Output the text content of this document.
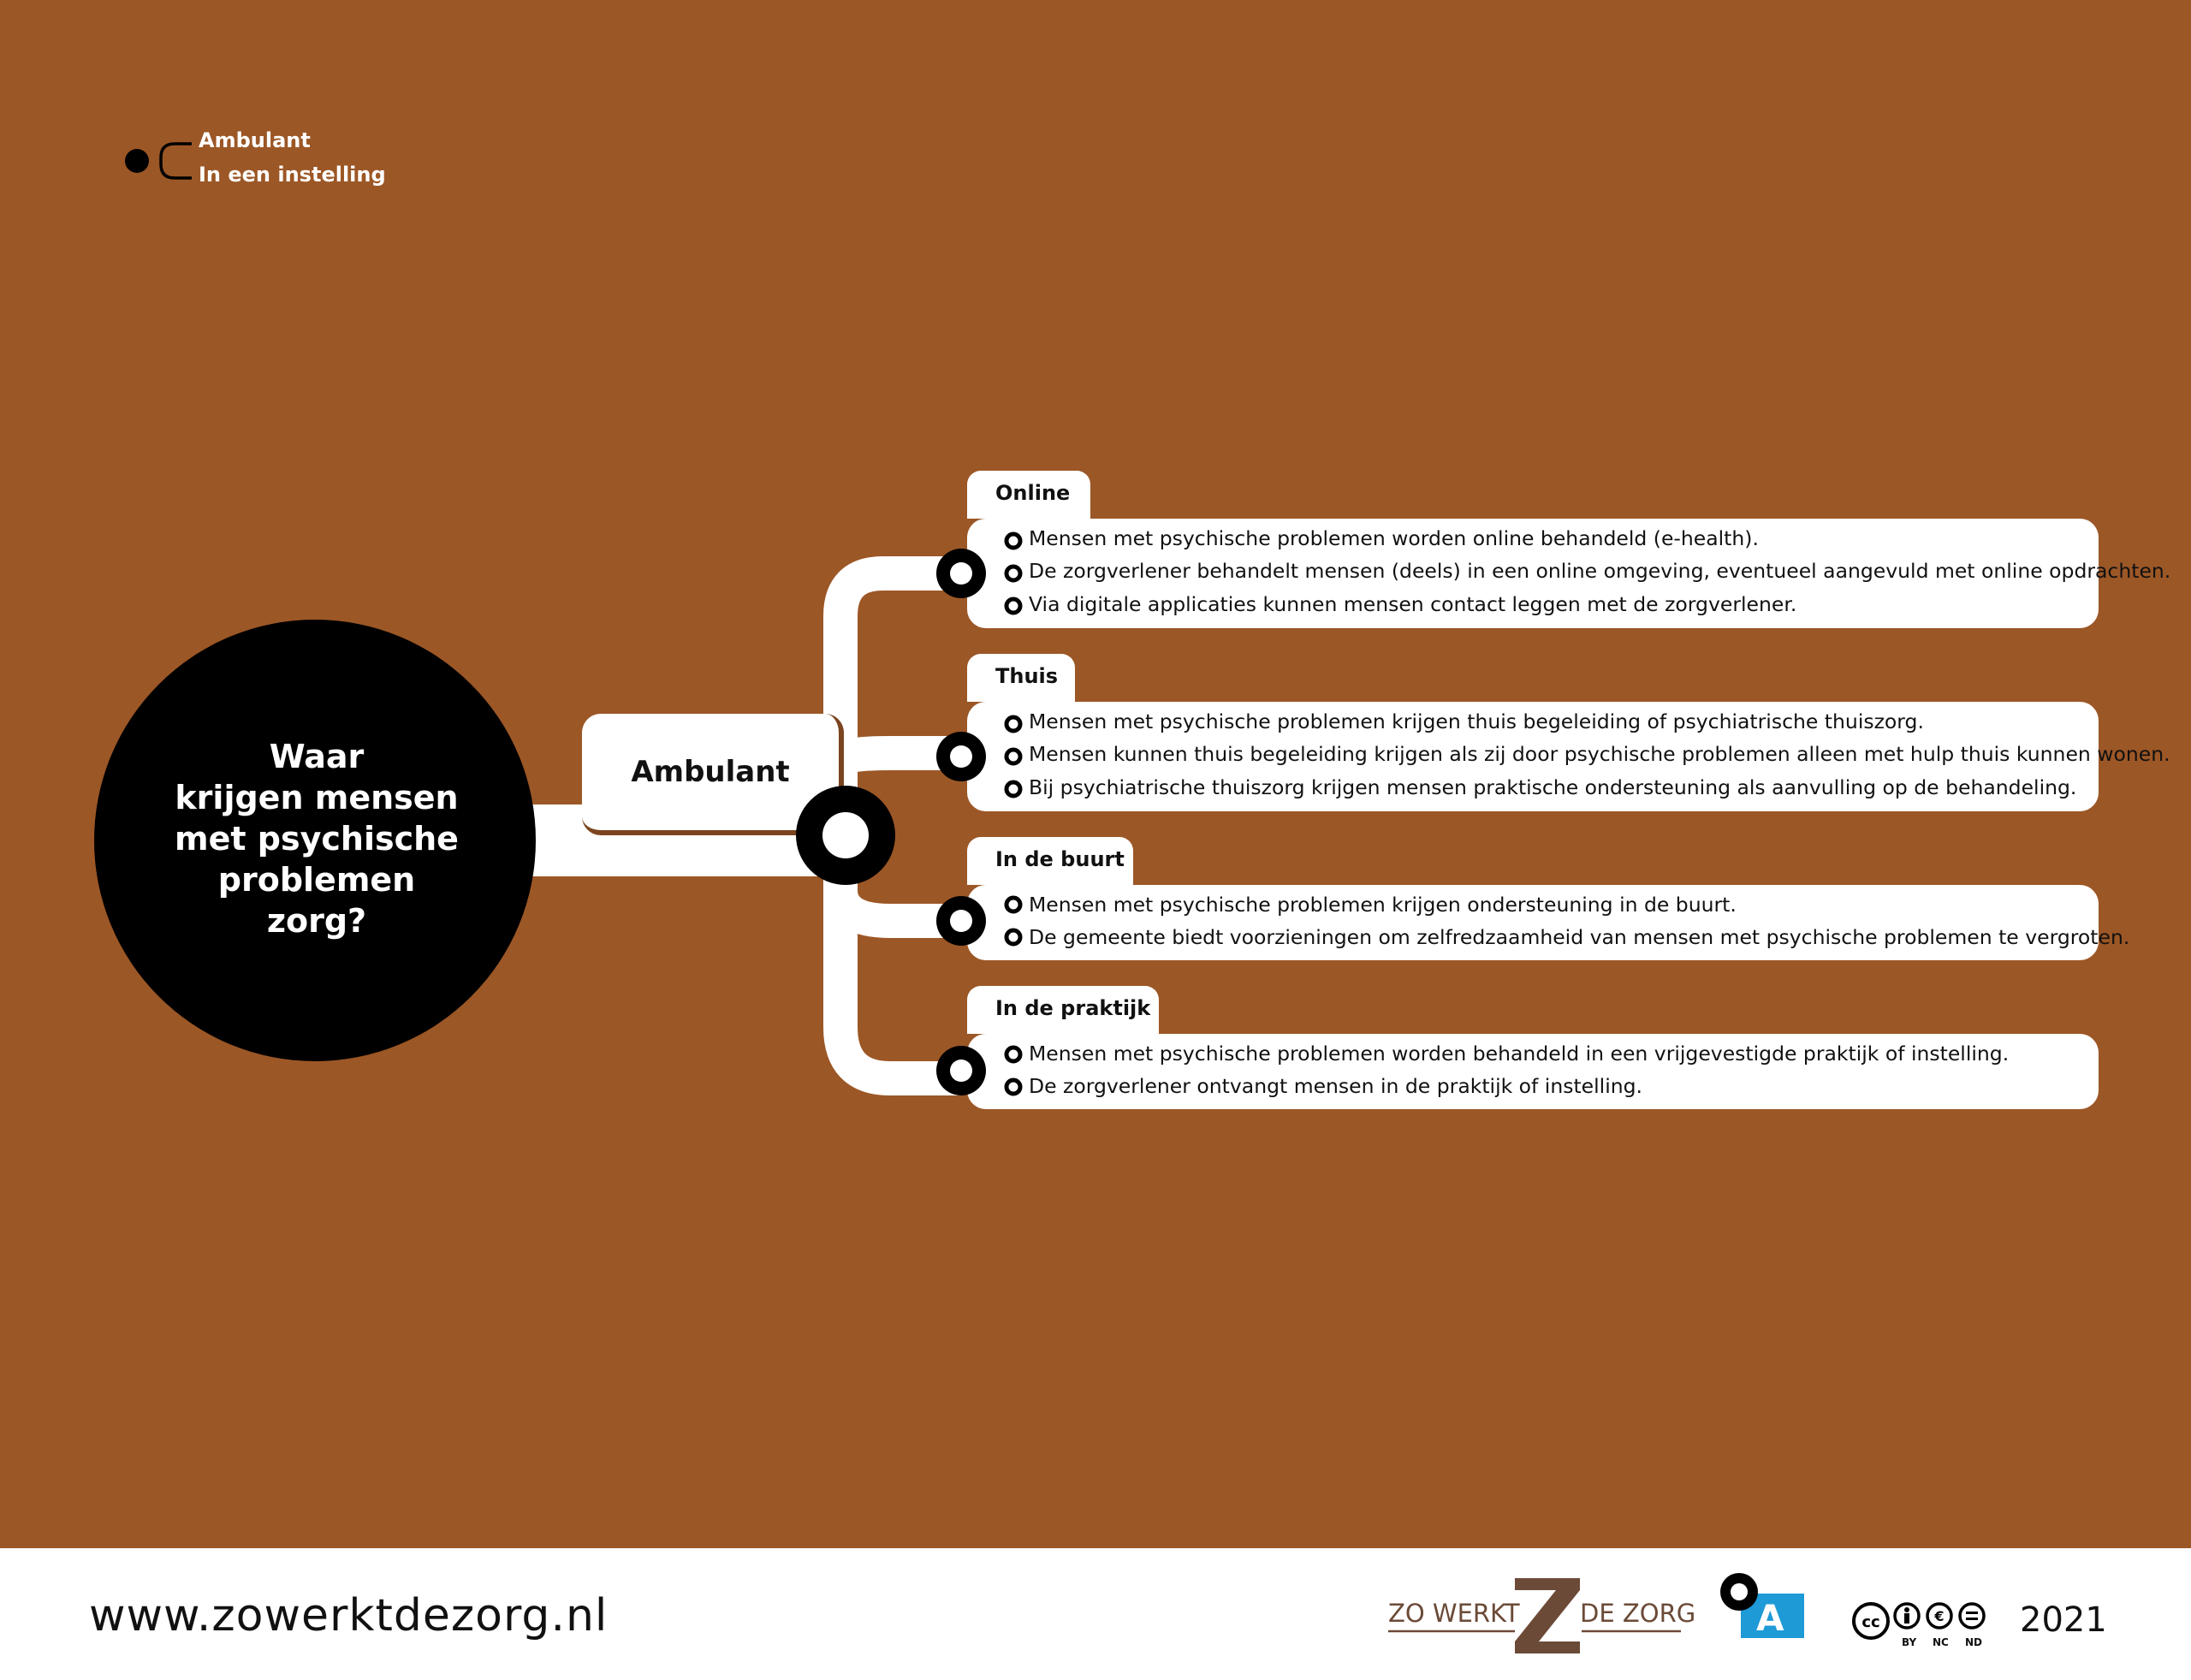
Ambulant
In een instelling
Waar
krijgen mensen
met psychische
problemen
zorg?
Ambulant
Online
Mensen met psychische problemen worden online behandeld (e-health).
De zorgverlener behandelt mensen (deels) in een online omgeving, eventueel aangevuld met online opdrachten.
Via digitale applicaties kunnen mensen contact leggen met de zorgverlener.
Thuis
Mensen met psychische problemen krijgen thuis begeleiding of psychiatrische thuiszorg.
Mensen kunnen thuis begeleiding krijgen als zij door psychische problemen alleen met hulp thuis kunnen wonen.
Bij psychiatrische thuiszorg krijgen mensen praktische ondersteuning als aanvulling op de behandeling.
In de buurt
Mensen met psychische problemen krijgen ondersteuning in de buurt.
De gemeente biedt voorzieningen om zelfredzaamheid van mensen met psychische problemen te vergroten.
In de praktijk
Mensen met psychische problemen worden behandeld in een vrijgevestigde praktijk of instelling.
De zorgverlener ontvangt mensen in de praktijk of instelling.
www.zowerktdezorg.nl	ZO WERKT DE ZORG A	cc	€
BY NC ND
2021
